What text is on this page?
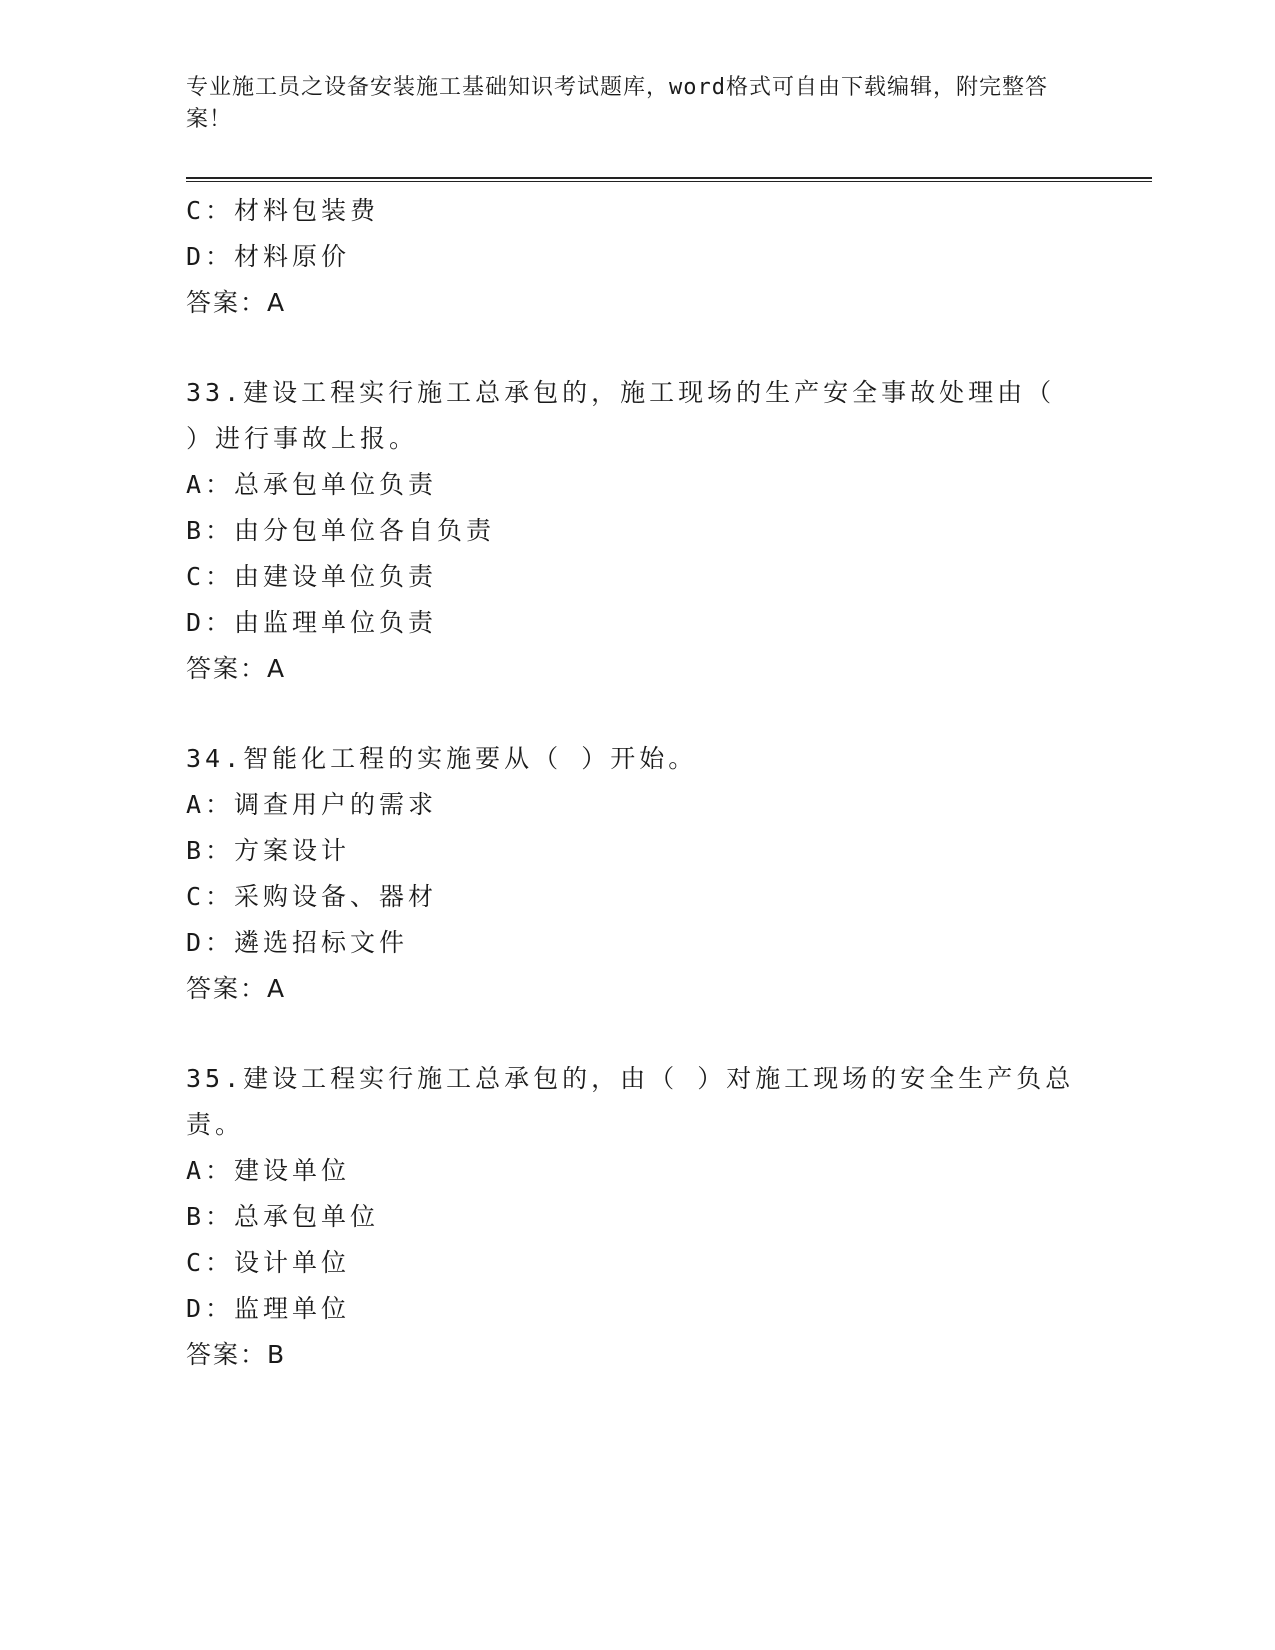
专业施工员之设备安装施工基础知识考试题库，word格式可自由下载编辑，附完整答案！
C：材料包装费
D：材料原价
答案：A
33.建设工程实行施工总承包的，施工现场的生产安全事故处理由（
）进行事故上报。
A：总承包单位负责
B：由分包单位各自负责
C：由建设单位负责
D：由监理单位负责
答案：A
34.智能化工程的实施要从（ ）开始。
A：调查用户的需求
B：方案设计
C：采购设备、器材
D：遴选招标文件
答案：A
35.建设工程实行施工总承包的，由（ ）对施工现场的安全生产负总
责。
A：建设单位
B：总承包单位
C：设计单位
D：监理单位
答案：B
